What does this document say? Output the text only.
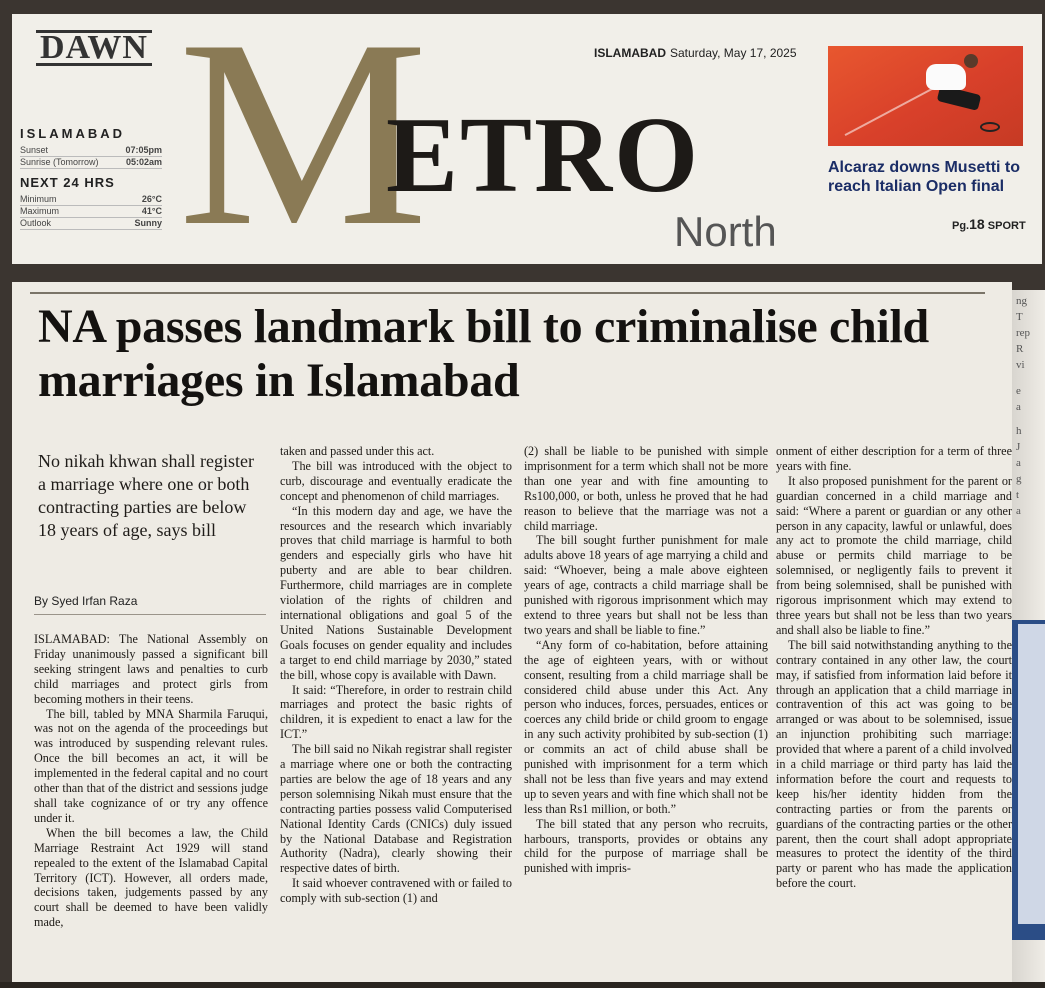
DAWN M
ETRO
North
ISLAMABAD Saturday, May 17, 2025
ISLAMABAD
Sunset	07:05pm
Sunrise (Tomorrow)	05:02am
NEXT 24 HRS
Minimum	26°C
Maximum	41°C
Outlook	Sunny
Alcaraz downs Musetti to reach Italian Open final
Pg.18 SPORT
NA passes landmark bill to criminalise child marriages in Islamabad
No nikah khwan shall register a marriage where one or both contracting parties are below 18 years of age, says bill
By Syed Irfan Raza

ISLAMABAD: The National Assembly on Friday unanimously passed a significant bill seeking stringent laws and penalties to curb child marriages and protect girls from becoming mothers in their teens.

The bill, tabled by MNA Sharmila Faruqui, was not on the agenda of the proceedings but was introduced by suspending relevant rules. Once the bill becomes an act, it will be implemented in the federal capital and no court other than that of the district and sessions judge shall take cognizance of or try any offence under it.

When the bill becomes a law, the Child Marriage Restraint Act 1929 will stand repealed to the extent of the Islamabad Capital Territory (ICT). However, all orders made, decisions taken, judgements passed by any court shall be deemed to have been validly made,

taken and passed under this act.

The bill was introduced with the object to curb, discourage and eventually eradicate the concept and phenomenon of child marriages.

“In this modern day and age, we have the resources and the research which invariably proves that child marriage is harmful to both genders and especially girls who have hit puberty and are able to bear children. Furthermore, child marriages are in complete violation of the rights of children and international obligations and goal 5 of the United Nations Sustainable Development Goals focuses on gender equality and includes a target to end child marriage by 2030,” stated the bill, whose copy is available with Dawn.

It said: “Therefore, in order to restrain child marriages and protect the basic rights of children, it is expedient to enact a law for the ICT.”

The bill said no Nikah registrar shall register a marriage where one or both the contracting parties are below the age of 18 years and any person solemnising Nikah must ensure that the contracting parties possess valid Computerised National Identity Cards (CNICs) duly issued by the National Database and Registration Authority (Nadra), clearly showing their respective dates of birth.

It said whoever contravened with or failed to comply with sub-section (1) and

(2) shall be liable to be punished with simple imprisonment for a term which shall not be more than one year and with fine amounting to Rs100,000, or both, unless he proved that he had reason to believe that the marriage was not a child marriage.

The bill sought further punishment for male adults above 18 years of age marrying a child and said: “Whoever, being a male above eighteen years of age, contracts a child marriage shall be punished with rigorous imprisonment which may extend to three years but shall not be less than two years and shall be liable to fine.”

“Any form of co-habitation, before attaining the age of eighteen years, with or without consent, resulting from a child marriage shall be considered child abuse under this Act. Any person who induces, forces, persuades, entices or coerces any child bride or child groom to engage in any such activity prohibited by sub-section (1) or commits an act of child abuse shall be punished with imprisonment for a term which shall not be less than five years and may extend up to seven years and with fine which shall not be less than Rs1 million, or both.”

The bill stated that any person who recruits, harbours, transports, provides or obtains any child for the purpose of marriage shall be punished with impris-

onment of either description for a term of three years with fine.

It also proposed punishment for the parent or guardian concerned in a child marriage and said: “Where a parent or guardian or any other person in any capacity, lawful or unlawful, does any act to promote the child marriage, child abuse or permits child marriage to be solemnised, or negligently fails to prevent it from being solemnised, shall be punished with rigorous imprisonment which may extend to three years but shall not be less than two years and shall also be liable to fine.”

The bill said notwithstanding anything to the contrary contained in any other law, the court may, if satisfied from information laid before it through an application that a child marriage in contravention of this act was going to be arranged or was about to be solemnised, issue an injunction prohibiting such marriage: provided that where a parent of a child involved in a child marriage or third party has laid the information before the court and requests to keep his/her identity hidden from the contracting parties or from the parents or guardians of the contracting parties or the other parent, then the court shall adopt appropriate measures to protect the identity of the third party or parent who has made the application before the court.

ng
T
rep
R
vi
e
a
h
J
a
g
t
a
